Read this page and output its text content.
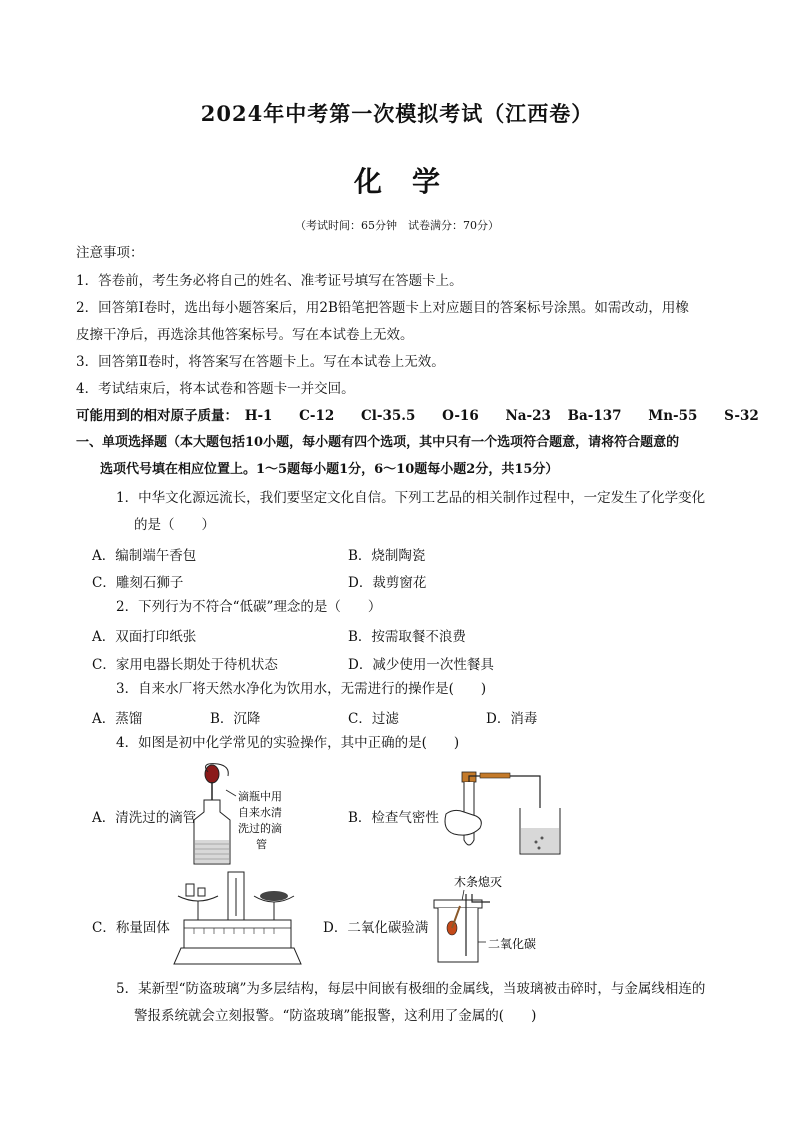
2024年中考第一次模拟考试（江西卷）
化学
（考试时间：65分钟　试卷满分：70分）
注意事项：
1．答卷前，考生务必将自己的姓名、准考证号填写在答题卡上。
2．回答第Ⅰ卷时，选出每小题答案后，用2B铅笔把答题卡上对应题目的答案标号涂黑。如需改动，用橡
皮擦干净后，再选涂其他答案标号。写在本试卷上无效。
3．回答第Ⅱ卷时，将答案写在答题卡上。写在本试卷上无效。
4．考试结束后，将本试卷和答题卡一并交回。
可能用到的相对原子质量： H-1 C-12 Cl-35.5 O-16 Na-23 Ba-137 Mn-55 S-32
一、单项选择题（本大题包括10小题，每小题有四个选项，其中只有一个选项符合题意，请将符合题意的
选项代号填在相应位置上。1～5题每小题1分，6～10题每小题2分，共15分）
1．中华文化源远流长，我们要坚定文化自信。下列工艺品的相关制作过程中，一定发生了化学变化
的是（　　）
A．编制端午香包	B．烧制陶瓷
C．雕刻石狮子	D．裁剪窗花
2．下列行为不符合“低碳”理念的是（　　）
A．双面打印纸张	B．按需取餐不浪费
C．家用电器长期处于待机状态	D．减少使用一次性餐具
3．自来水厂将天然水净化为饮用水，无需进行的操作是(　　)
A．蒸馏	B．沉降	C．过滤	D．消毒
4．如图是初中化学常见的实验操作，其中正确的是(　　)
A．清洗过的滴管	B．检查气密性
C．称量固体	D．二氧化碳验满
滴瓶中用
自来水清
洗过的滴
管
木条熄灭
二氧化碳
5．某新型“防盗玻璃”为多层结构，每层中间嵌有极细的金属线，当玻璃被击碎时，与金属线相连的
警报系统就会立刻报警。“防盗玻璃”能报警，这利用了金属的(　　)
